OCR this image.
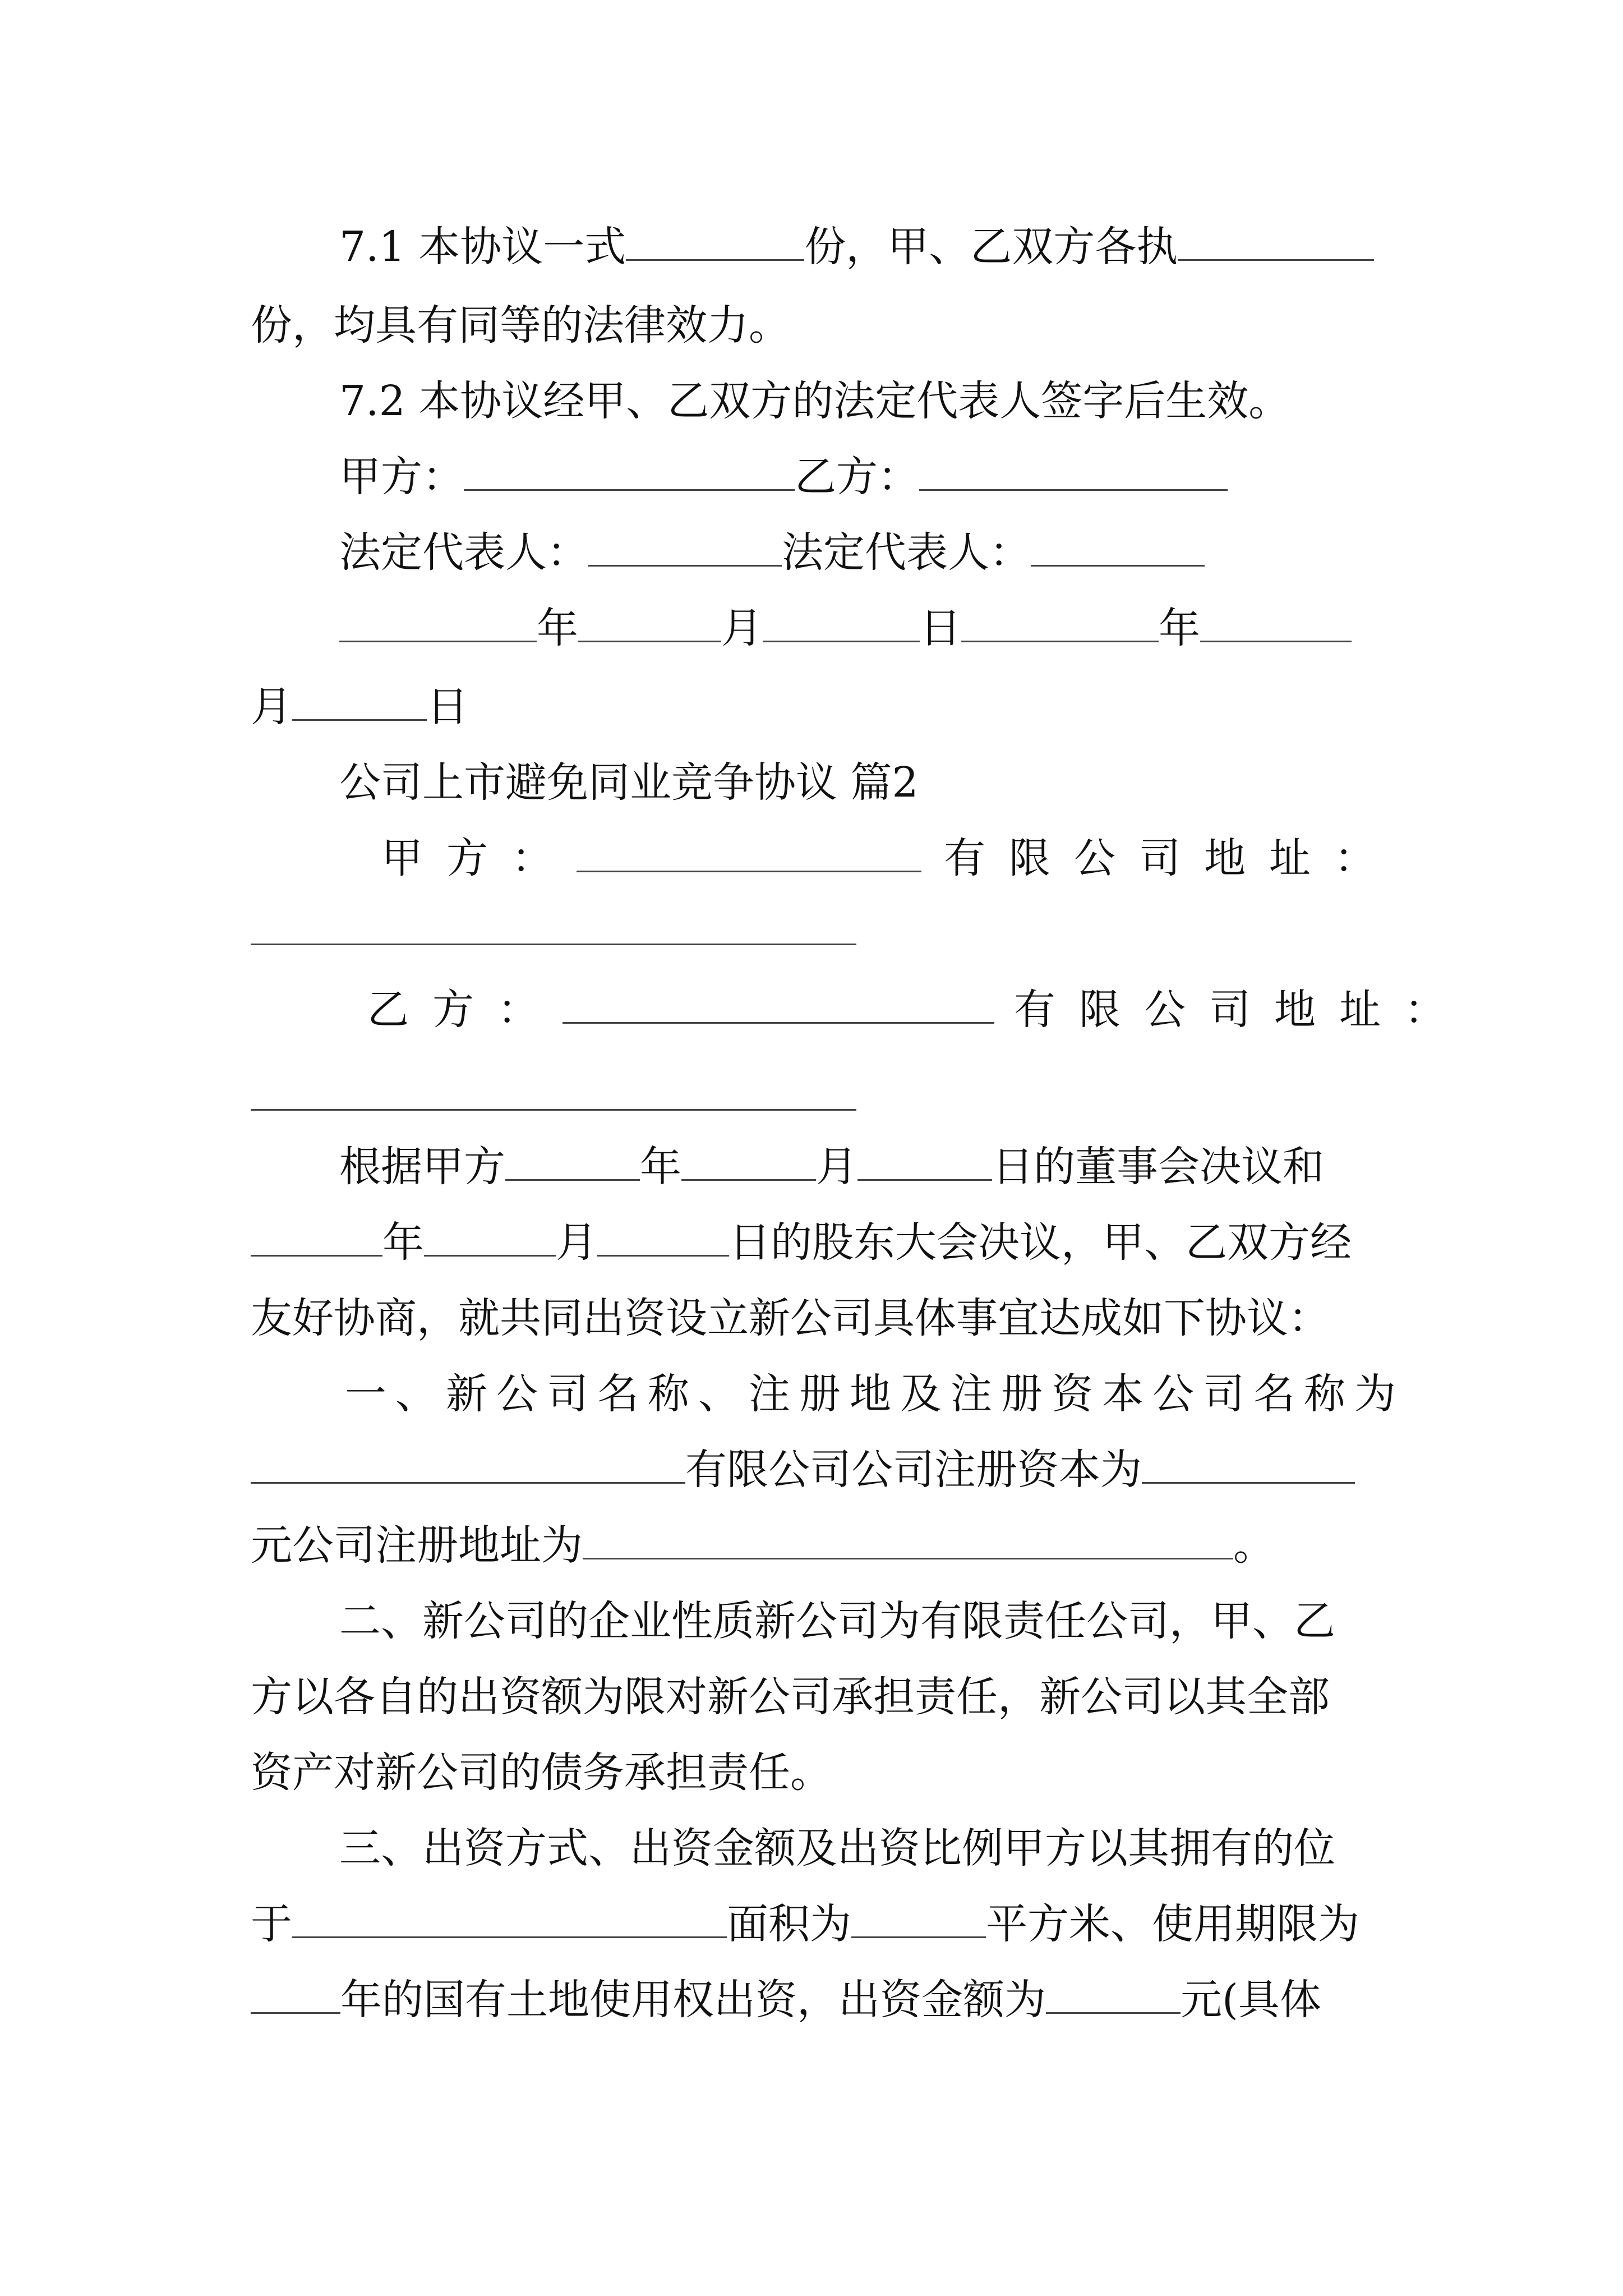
7.1 本协议一式	份，甲、乙双方各执
份，均具有同等的法律效力。
7.2 本协议经甲、乙双方的法定代表人签字后生效。
甲方：	乙方：
法定代表人：	法定代表人：
年	月	日	年
月	日
公司上市避免同业竞争协议 篇2
甲方：	有限公司地址：
乙方：	有限公司地址：
根据甲方	年	月	日的董事会决议和
年	月	日的股东大会决议，甲、乙双方经
友好协商，就共同出资设立新公司具体事宜达成如下协议：
一、新公司名称、注册地及注册资本公司名称为
有限公司公司注册资本为
元公司注册地址为	。
二、新公司的企业性质新公司为有限责任公司，甲、乙
方以各自的出资额为限对新公司承担责任，新公司以其全部
资产对新公司的债务承担责任。
三、出资方式、出资金额及出资比例甲方以其拥有的位
于	面积为	平方米、使用期限为
年的国有土地使用权出资，出资金额为	元(具体
